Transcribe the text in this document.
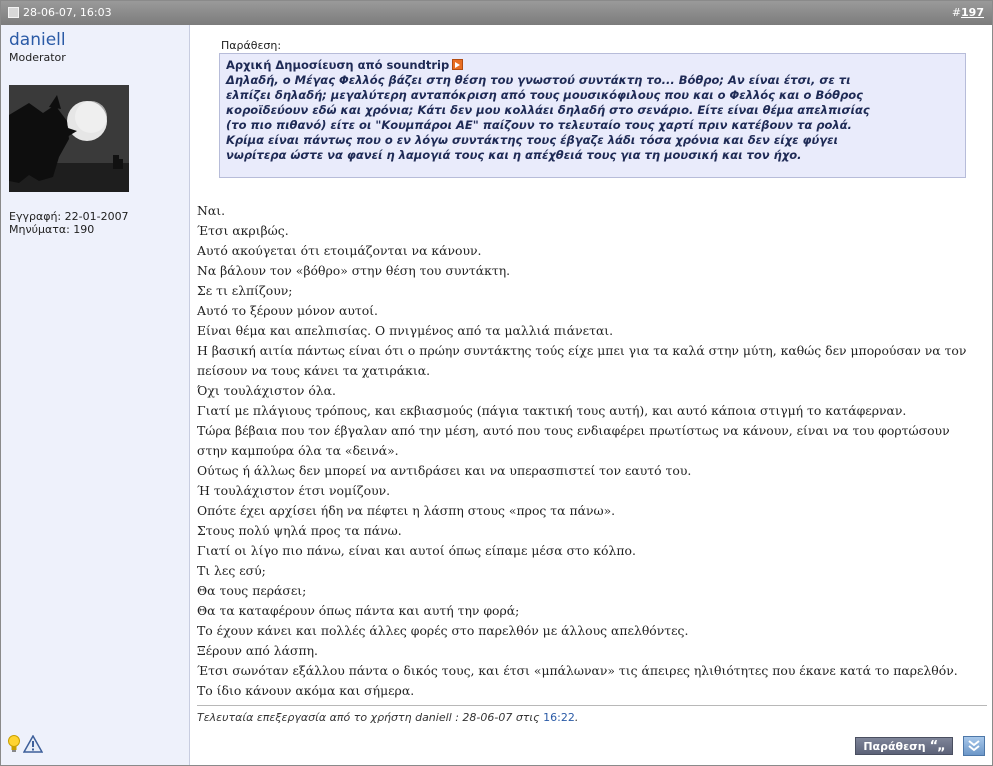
28-06-07, 16:03	#197
daniell
Moderator
Εγγραφή: 22-01-2007
Μηνύματα: 190
Παράθεση:
Αρχική Δημοσίευση από soundtrip
Δηλαδή, ο Μέγας Φελλός βάζει στη θέση του γνωστού συντάκτη το... Βόθρο; Αν είναι έτσι, σε τι
ελπίζει δηλαδή; μεγαλύτερη ανταπόκριση από τους μουσικόφιλους που και ο Φελλός και ο Βόθρος
κοροϊδεύουν εδώ και χρόνια; Κάτι δεν μου κολλάει δηλαδή στο σενάριο. Είτε είναι θέμα απελπισίας
(το πιο πιθανό) είτε οι "Κουμπάροι ΑΕ" παίζουν το τελευταίο τους χαρτί πριν κατέβουν τα ρολά.
Κρίμα είναι πάντως που ο εν λόγω συντάκτης τους έβγαζε λάδι τόσα χρόνια και δεν είχε φύγει
νωρίτερα ώστε να φανεί η λαμογιά τους και η απέχθειά τους για τη μουσική και τον ήχο.
Ναι.
Έτσι ακριβώς.
Αυτό ακούγεται ότι ετοιμάζονται να κάνουν.
Να βάλουν τον «βόθρο» στην θέση του συντάκτη.
Σε τι ελπίζουν;
Αυτό το ξέρουν μόνον αυτοί.
Είναι θέμα και απελπισίας. Ο πνιγμένος από τα μαλλιά πιάνεται.
Η βασική αιτία πάντως είναι ότι ο πρώην συντάκτης τούς είχε μπει για τα καλά στην μύτη, καθώς δεν μπορούσαν να τον
πείσουν να τους κάνει τα χατιράκια.
Όχι τουλάχιστον όλα.
Γιατί με πλάγιους τρόπους, και εκβιασμούς (πάγια τακτική τους αυτή), και αυτό κάποια στιγμή το κατάφερναν.
Τώρα βέβαια που τον έβγαλαν από την μέση, αυτό που τους ενδιαφέρει πρωτίστως να κάνουν, είναι να του φορτώσουν
στην καμπούρα όλα τα «δεινά».
Ούτως ή άλλως δεν μπορεί να αντιδράσει και να υπερασπιστεί τον εαυτό του.
Ή τουλάχιστον έτσι νομίζουν.
Οπότε έχει αρχίσει ήδη να πέφτει η λάσπη στους «προς τα πάνω».
Στους πολύ ψηλά προς τα πάνω.
Γιατί οι λίγο πιο πάνω, είναι και αυτοί όπως είπαμε μέσα στο κόλπο.
Τι λες εσύ;
Θα τους περάσει;
Θα τα καταφέρουν όπως πάντα και αυτή την φορά;
Το έχουν κάνει και πολλές άλλες φορές στο παρελθόν με άλλους απελθόντες.
Ξέρουν από λάσπη.
Έτσι σωνόταν εξάλλου πάντα ο δικός τους, και έτσι «μπάλωναν» τις άπειρες ηλιθιότητες που έκανε κατά το παρελθόν.
Το ίδιο κάνουν ακόμα και σήμερα.
Τελευταία επεξεργασία από το χρήστη daniell : 28-06-07 στις 16:22.
Παράθεση “„
